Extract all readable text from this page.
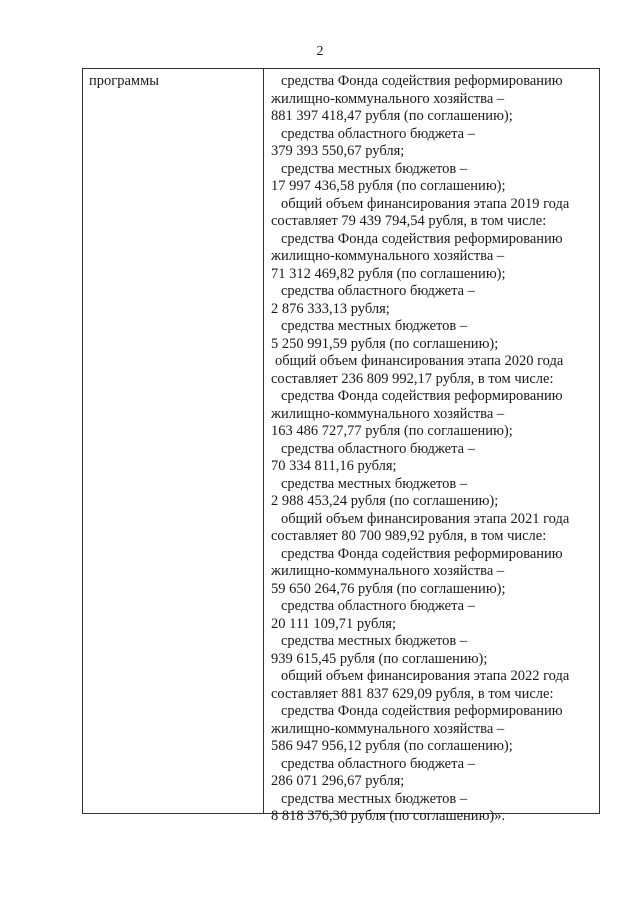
2
программы	средства Фонда содействия реформированию
жилищно-коммунального хозяйства –
881 397 418,47 рубля (по соглашению);
средства областного бюджета –
379 393 550,67 рубля;
средства местных бюджетов –
17 997 436,58 рубля (по соглашению);
общий объем финансирования этапа 2019 года
составляет 79 439 794,54 рубля, в том числе:
средства Фонда содействия реформированию
жилищно-коммунального хозяйства –
71 312 469,82 рубля (по соглашению);
средства областного бюджета –
2 876 333,13 рубля;
средства местных бюджетов –
5 250 991,59 рубля (по соглашению);
общий объем финансирования этапа 2020 года
составляет 236 809 992,17 рубля, в том числе:
средства Фонда содействия реформированию
жилищно-коммунального хозяйства –
163 486 727,77 рубля (по соглашению);
средства областного бюджета –
70 334 811,16 рубля;
средства местных бюджетов –
2 988 453,24 рубля (по соглашению);
общий объем финансирования этапа 2021 года
составляет 80 700 989,92 рубля, в том числе:
средства Фонда содействия реформированию
жилищно-коммунального хозяйства –
59 650 264,76 рубля (по соглашению);
средства областного бюджета –
20 111 109,71 рубля;
средства местных бюджетов –
939 615,45 рубля (по соглашению);
общий объем финансирования этапа 2022 года
составляет 881 837 629,09 рубля, в том числе:
средства Фонда содействия реформированию
жилищно-коммунального хозяйства –
586 947 956,12 рубля (по соглашению);
средства областного бюджета –
286 071 296,67 рубля;
средства местных бюджетов –
8 818 376,30 рубля (по соглашению)».
